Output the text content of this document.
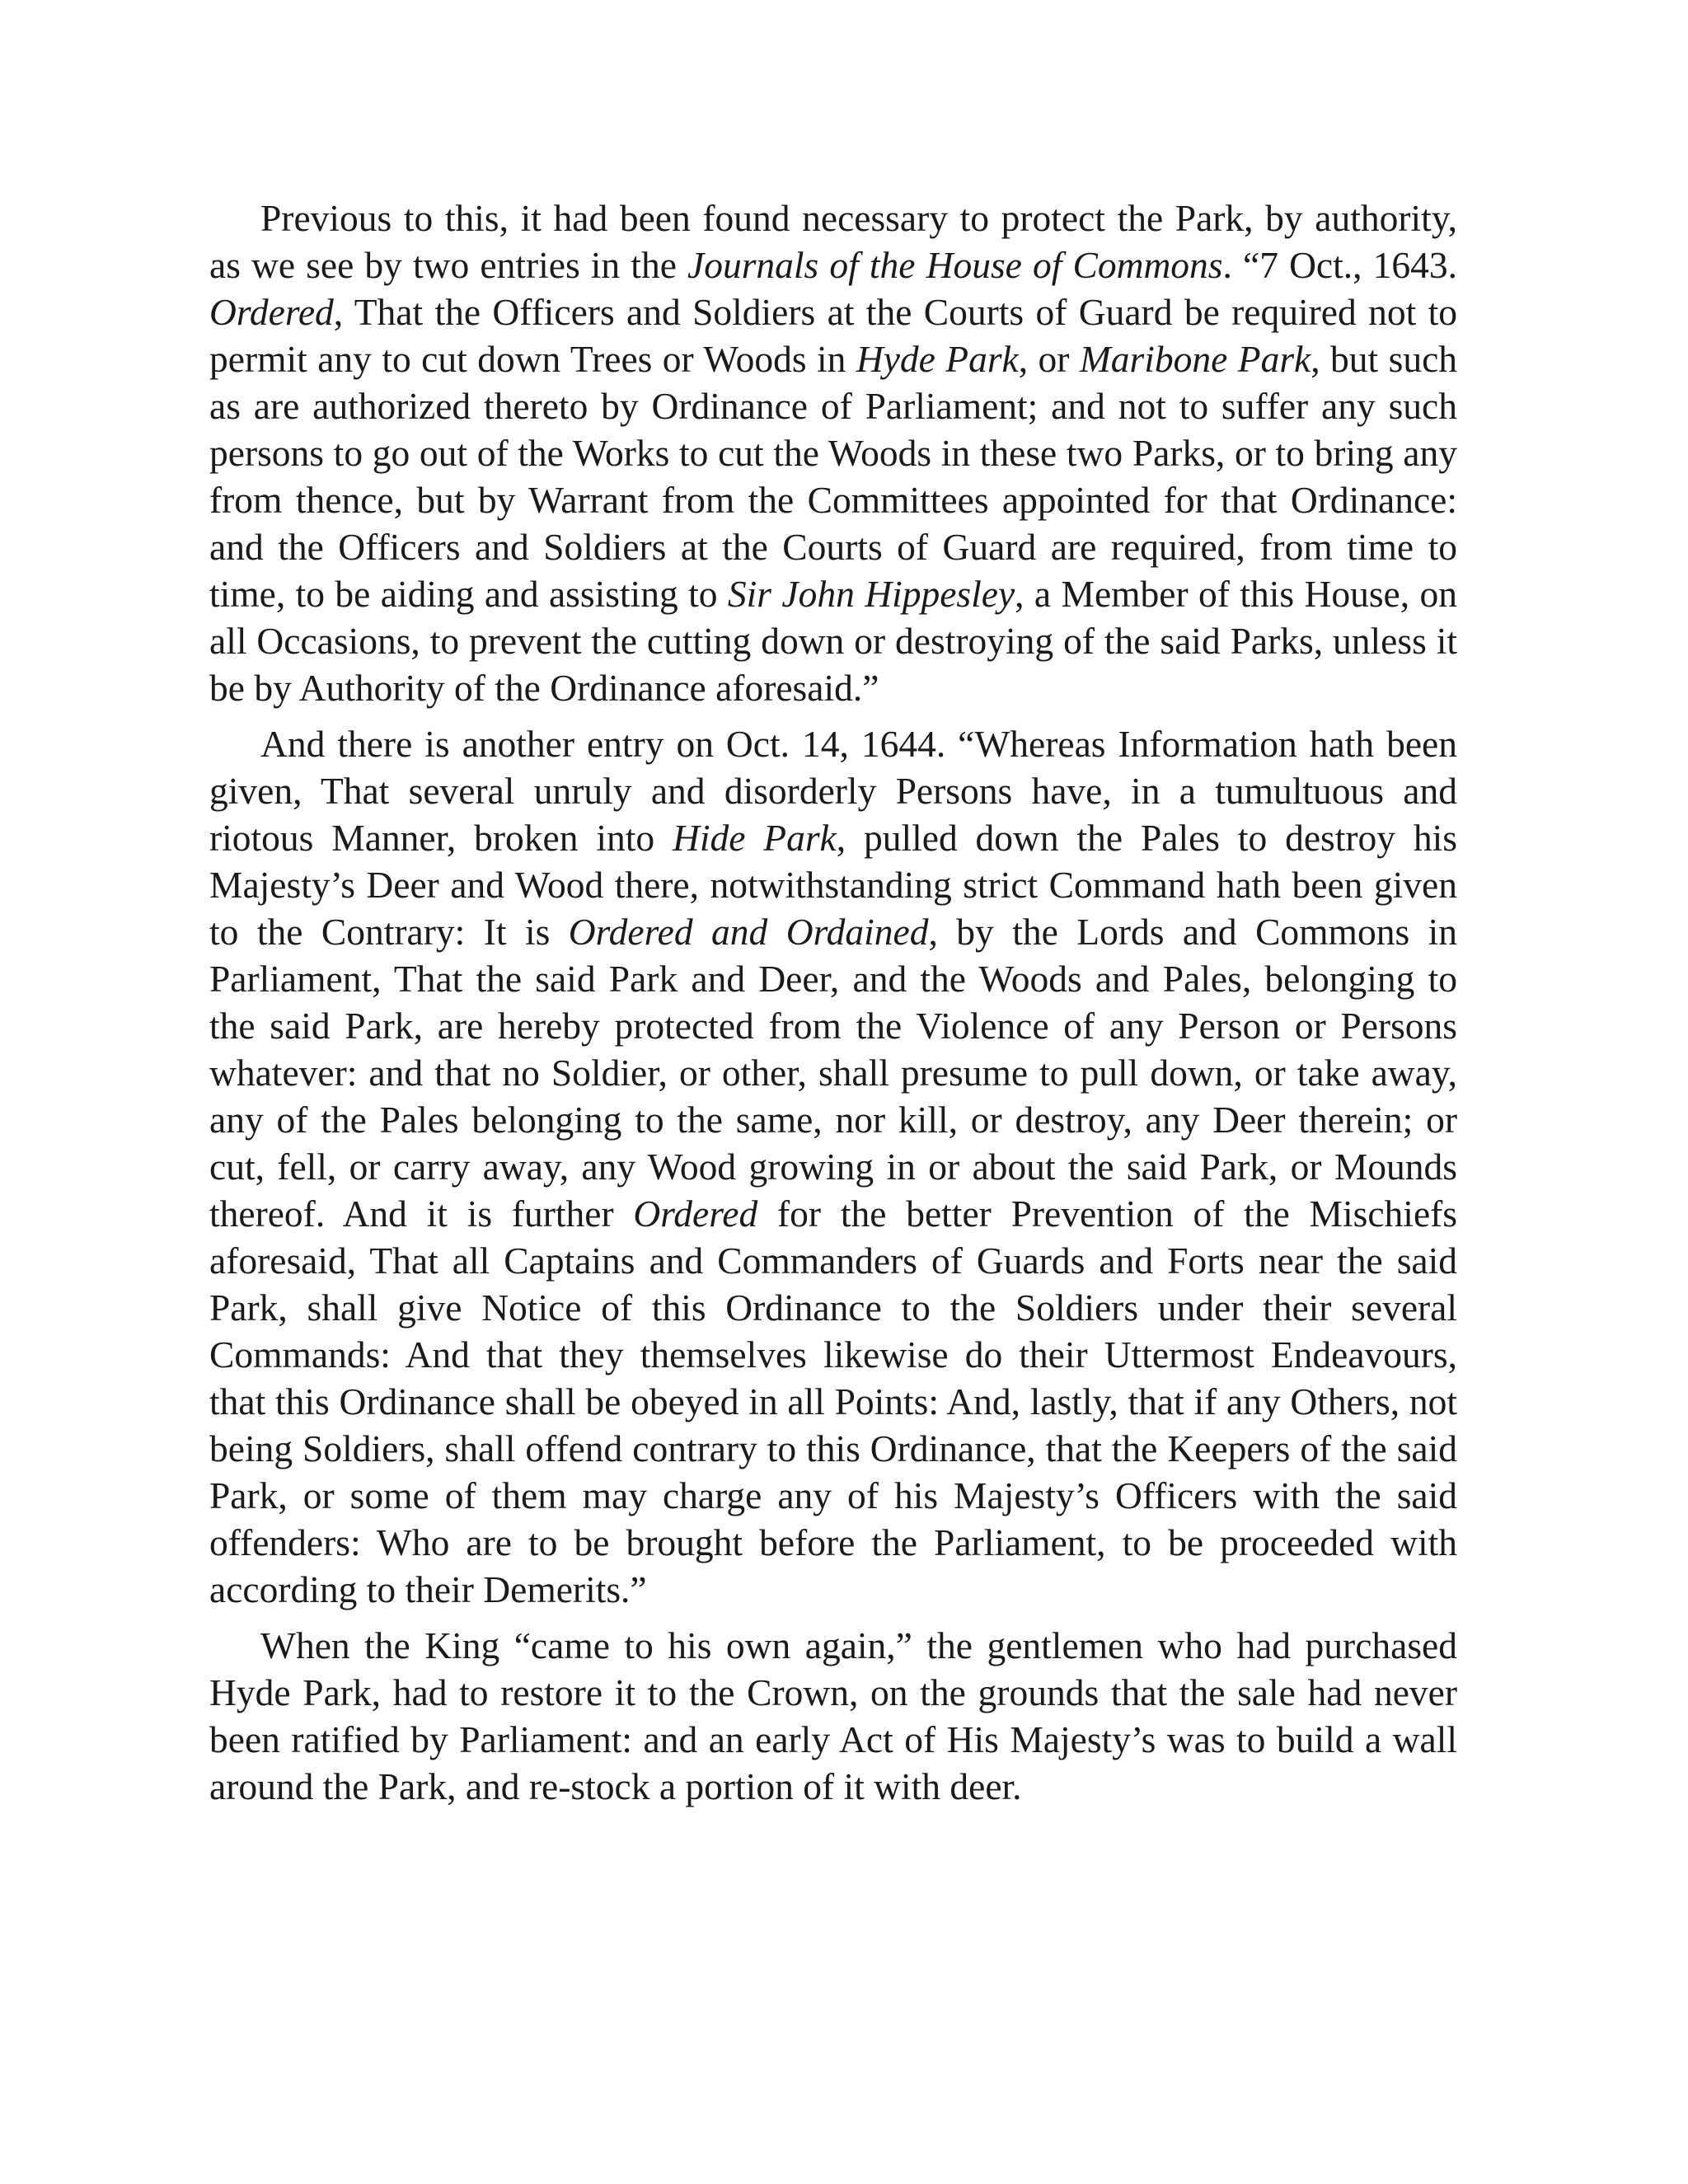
Previous to this, it had been found necessary to protect the Park, by authority, as we see by two entries in the Journals of the House of Commons. “7 Oct., 1643. Ordered, That the Officers and Soldiers at the Courts of Guard be required not to permit any to cut down Trees or Woods in Hyde Park, or Maribone Park, but such as are authorized thereto by Ordinance of Parliament; and not to suffer any such persons to go out of the Works to cut the Woods in these two Parks, or to bring any from thence, but by Warrant from the Committees appointed for that Ordinance: and the Officers and Soldiers at the Courts of Guard are required, from time to time, to be aiding and assisting to Sir John Hippesley, a Member of this House, on all Occasions, to prevent the cutting down or destroying of the said Parks, unless it be by Authority of the Ordinance aforesaid.”

And there is another entry on Oct. 14, 1644. “Whereas Information hath been given, That several unruly and disorderly Persons have, in a tumultuous and riotous Manner, broken into Hide Park, pulled down the Pales to destroy his Majesty’s Deer and Wood there, notwithstanding strict Command hath been given to the Contrary: It is Ordered and Ordained, by the Lords and Commons in Parliament, That the said Park and Deer, and the Woods and Pales, belonging to the said Park, are hereby protected from the Violence of any Person or Persons whatever: and that no Soldier, or other, shall presume to pull down, or take away, any of the Pales belonging to the same, nor kill, or destroy, any Deer therein; or cut, fell, or carry away, any Wood growing in or about the said Park, or Mounds thereof. And it is further Ordered for the better Prevention of the Mischiefs aforesaid, That all Captains and Commanders of Guards and Forts near the said Park, shall give Notice of this Ordinance to the Soldiers under their several Commands: And that they themselves likewise do their Uttermost Endeavours, that this Ordinance shall be obeyed in all Points: And, lastly, that if any Others, not being Soldiers, shall offend contrary to this Ordinance, that the Keepers of the said Park, or some of them may charge any of his Majesty’s Officers with the said offenders: Who are to be brought before the Parliament, to be proceeded with according to their Demerits.”

When the King “came to his own again,” the gentlemen who had purchased Hyde Park, had to restore it to the Crown, on the grounds that the sale had never been ratified by Parliament: and an early Act of His Majesty’s was to build a wall around the Park, and re-stock a portion of it with deer.
